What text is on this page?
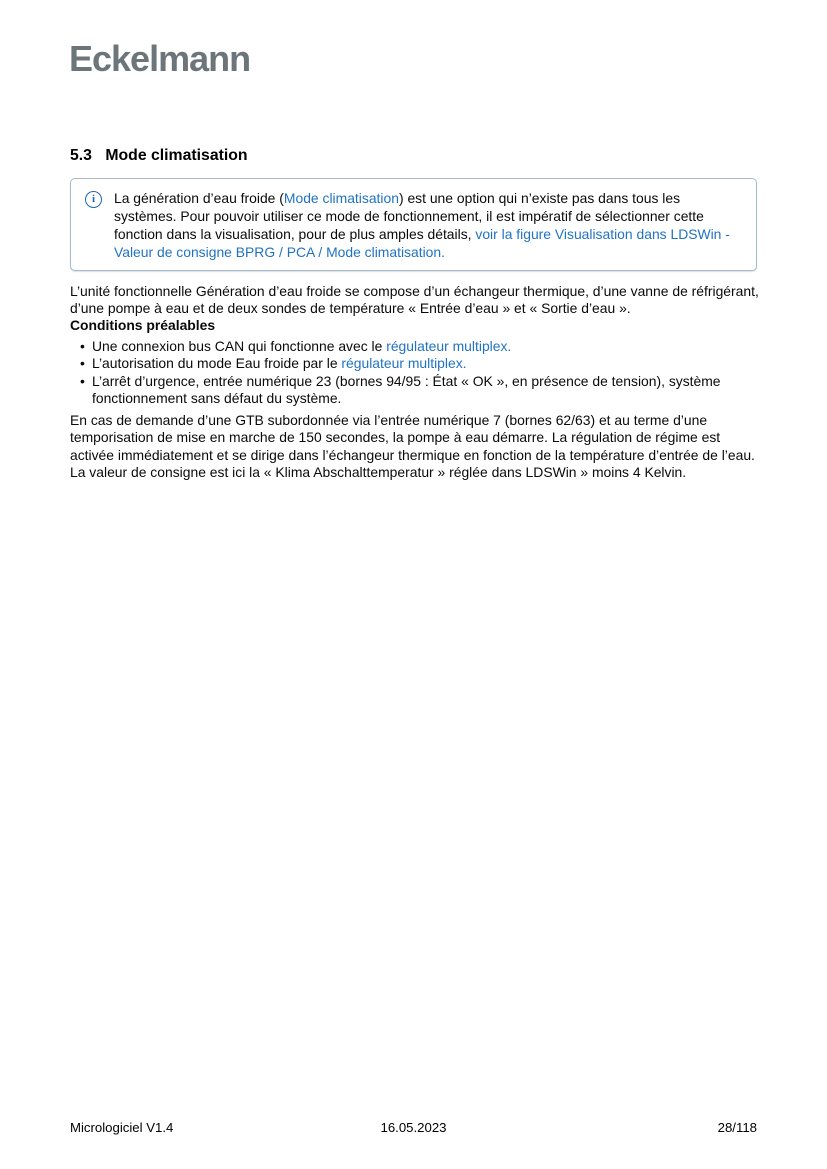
Eckelmann
5.3 Mode climatisation
i	La génération d’eau froide (Mode climatisation) est une option qui n’existe pas dans tous les systèmes. Pour pouvoir utiliser ce mode de fonctionnement, il est impératif de sélectionner cette fonction dans la visualisation, pour de plus amples détails, voir la figure Visualisation dans LDSWin - Valeur de consigne BPRG / PCA / Mode climatisation.

L’unité fonctionnelle Génération d’eau froide se compose d’un échangeur thermique, d’une vanne de réfrigérant, d’une pompe à eau et de deux sondes de température « Entrée d’eau » et « Sortie d’eau ».

Conditions préalables
• Une connexion bus CAN qui fonctionne avec le régulateur multiplex.
• L’autorisation du mode Eau froide par le régulateur multiplex.
• L’arrêt d’urgence, entrée numérique 23 (bornes 94/95 : État « OK », en présence de tension), système fonctionnement sans défaut du système.

En cas de demande d’une GTB subordonnée via l’entrée numérique 7 (bornes 62/63) et au terme d’une temporisation de mise en marche de 150 secondes, la pompe à eau démarre. La régulation de régime est activée immédiatement et se dirige dans l’échangeur thermique en fonction de la température d’entrée de l’eau. La valeur de consigne est ici la « Klima Abschalttemperatur » réglée dans LDSWin » moins 4 Kelvin.

Micrologiciel V1.4	16.05.2023	28/118
